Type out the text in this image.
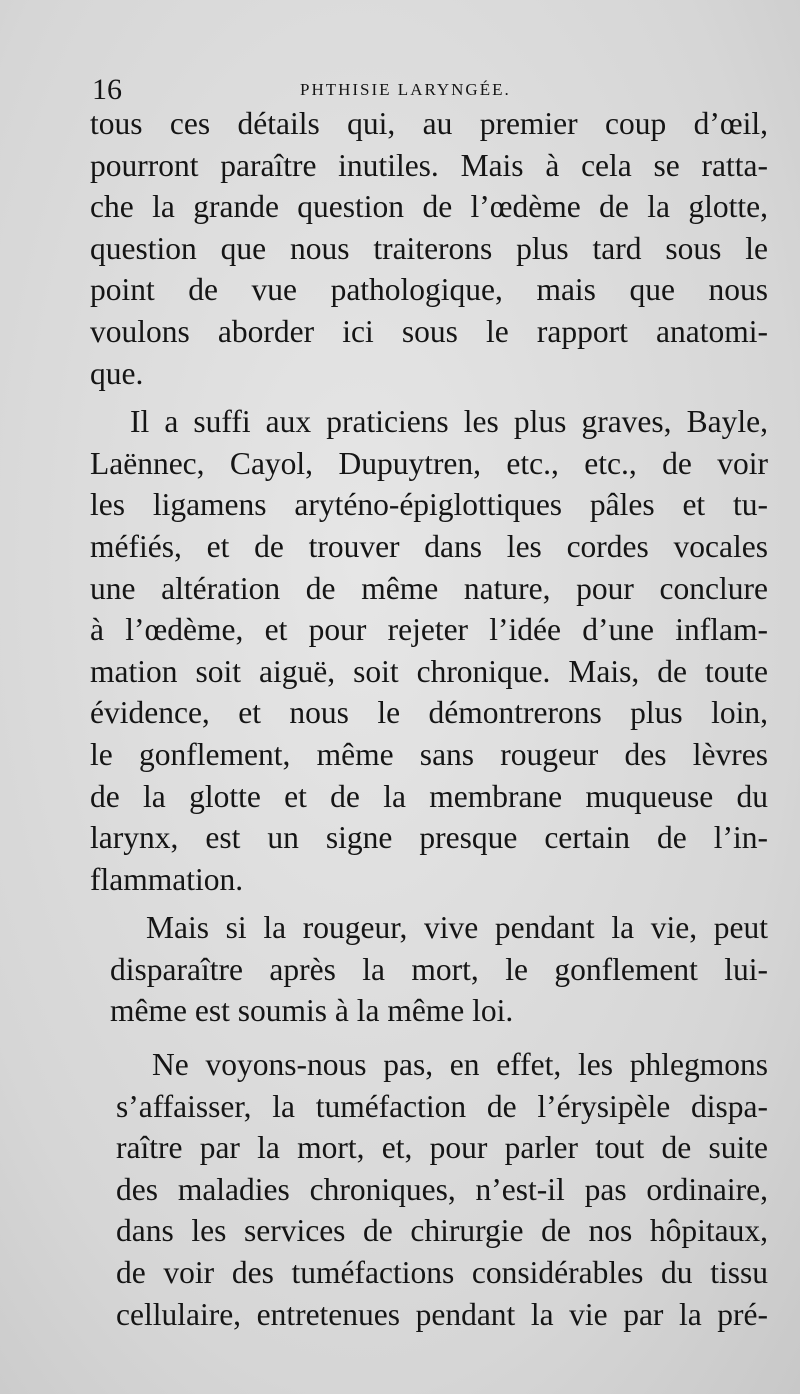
16	PHTHISIE LARYNGÉE.

tous ces détails qui, au premier coup d’œil,
pourront paraître inutiles. Mais à cela se ratta-
che la grande question de l’œdème de la glotte,
question que nous traiterons plus tard sous le
point de vue pathologique, mais que nous
voulons aborder ici sous le rapport anatomi-
que.

Il a suffi aux praticiens les plus graves, Bayle,
Laënnec, Cayol, Dupuytren, etc., etc., de voir
les ligamens aryténo-épiglottiques pâles et tu-
méfiés, et de trouver dans les cordes vocales
une altération de même nature, pour conclure
à l’œdème, et pour rejeter l’idée d’une inflam-
mation soit aiguë, soit chronique. Mais, de toute
évidence, et nous le démontrerons plus loin,
le gonflement, même sans rougeur des lèvres
de la glotte et de la membrane muqueuse du
larynx, est un signe presque certain de l’in-
flammation.

Mais si la rougeur, vive pendant la vie, peut
disparaître après la mort, le gonflement lui-
même est soumis à la même loi.

Ne voyons-nous pas, en effet, les phlegmons
s’affaisser, la tuméfaction de l’érysipèle dispa-
raître par la mort, et, pour parler tout de suite
des maladies chroniques, n’est-il pas ordinaire,
dans les services de chirurgie de nos hôpitaux,
de voir des tuméfactions considérables du tissu
cellulaire, entretenues pendant la vie par la pré-
